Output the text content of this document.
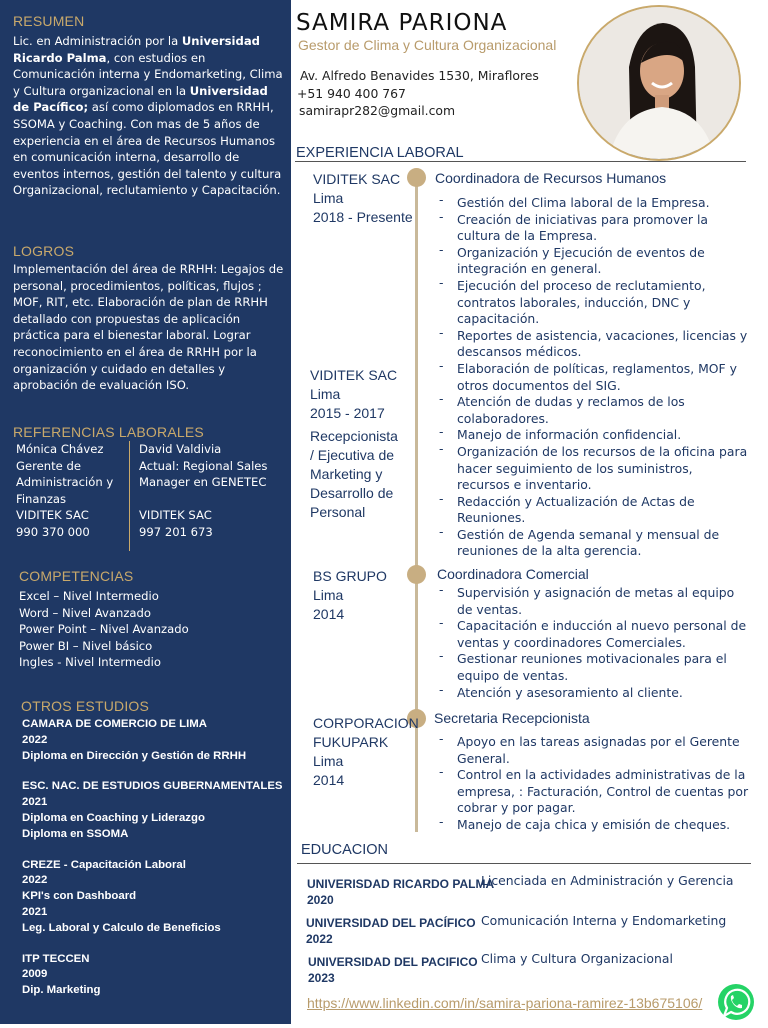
RESUMEN
Lic. en Administración por la Universidad Ricardo Palma, con estudios en Comunicación interna y Endomarketing, Clima y Cultura organizacional en la Universidad de Pacífico; así como diplomados en RRHH, SSOMA y Coaching. Con mas de 5 años de experiencia en el área de Recursos Humanos en comunicación interna, desarrollo de eventos internos, gestión del talento y cultura Organizacional, reclutamiento y Capacitación.
LOGROS
Implementación del área de RRHH: Legajos de personal, procedimientos, políticas, flujos ; MOF, RIT, etc. Elaboración de plan de RRHH detallado con propuestas de aplicación práctica para el bienestar laboral. Lograr reconocimiento en el área de RRHH por la organización y cuidado en detalles y aprobación de evaluación ISO.
REFERENCIAS LABORALES
Mónica Chávez
Gerente de
Administración y
Finanzas
VIDITEK SAC
990 370 000
David Valdivia
Actual: Regional Sales
Manager en GENETEC
VIDITEK SAC
997 201 673
COMPETENCIAS
Excel – Nivel Intermedio
Word – Nivel Avanzado
Power Point – Nivel Avanzado
Power BI – Nivel básico
Ingles - Nivel Intermedio
OTROS ESTUDIOS
CAMARA DE COMERCIO DE LIMA
2022
Diploma en Dirección y Gestión de RRHH
ESC. NAC. DE ESTUDIOS GUBERNAMENTALES
2021
Diploma en Coaching y Liderazgo
Diploma en SSOMA
CREZE - Capacitación Laboral
2022
KPI's con Dashboard
2021
Leg. Laboral y Calculo de Beneficios
ITP TECCEN
2009
Dip. Marketing
SAMIRA PARIONA
Gestor de Clima y Cultura Organizacional
Av. Alfredo Benavides 1530, Miraflores
+51 940 400 767
samirapr282@gmail.com
EXPERIENCIA LABORAL
VIDITEK SAC
Lima
2018 - Presente
Coordinadora de Recursos Humanos
- Gestión del Clima laboral de la Empresa.
- Creación de iniciativas para promover la cultura de la Empresa.
- Organización y Ejecución de eventos de integración en general.
- Ejecución del proceso de reclutamiento, contratos laborales, inducción, DNC y capacitación.
- Reportes de asistencia, vacaciones, licencias y descansos médicos.
- Elaboración de políticas, reglamentos, MOF y otros documentos del SIG.
- Atención de dudas y reclamos de los colaboradores.
- Manejo de información confidencial.
- Organización de los recursos de la oficina para hacer seguimiento de los suministros, recursos e inventario.
- Redacción y Actualización de Actas de Reuniones.
- Gestión de Agenda semanal y mensual de reuniones de la alta gerencia.
VIDITEK SAC
Lima
2015 - 2017
Recepcionista
/ Ejecutiva de
Marketing y
Desarrollo de
Personal
BS GRUPO
Lima
2014
Coordinadora Comercial
- Supervisión y asignación de metas al equipo de ventas.
- Capacitación e inducción al nuevo personal de ventas y coordinadores Comerciales.
- Gestionar reuniones motivacionales para el equipo de ventas.
- Atención y asesoramiento al cliente.
CORPORACION
FUKUPARK
Lima
2014
Secretaria Recepcionista
- Apoyo en las tareas asignadas por el Gerente General.
- Control en la actividades administrativas de la empresa, : Facturación, Control de cuentas por cobrar y por pagar.
- Manejo de caja chica y emisión de cheques.
EDUCACION
UNIVERISDAD RICARDO PALMA
2020
Licenciada en Administración y Gerencia
UNIVERSIDAD DEL PACÍFICO
2022
Comunicación Interna y Endomarketing
UNIVERSIDAD DEL PACIFICO
2023
Clima y Cultura Organizacional
https://www.linkedin.com/in/samira-pariona-ramirez-13b675106/
